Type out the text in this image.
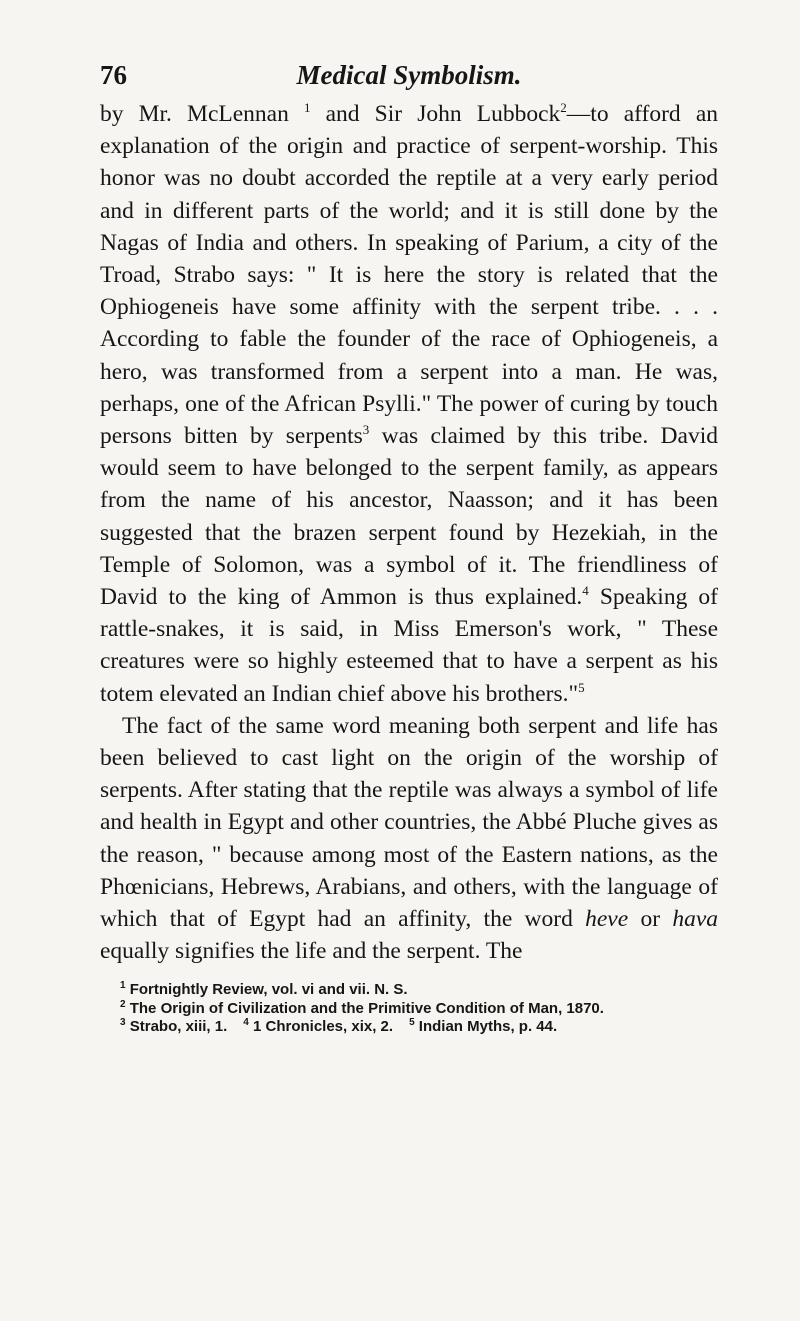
76	Medical Symbolism.

by Mr. McLennan $^1$ and Sir John Lubbock$^2$—to afford an explanation of the origin and practice of serpent-worship. This honor was no doubt accorded the reptile at a very early period and in different parts of the world; and it is still done by the Nagas of India and others. In speaking of Parium, a city of the Troad, Strabo says: " It is here the story is related that the Ophiogeneis have some affinity with the serpent tribe. . . . According to fable the founder of the race of Ophiogeneis, a hero, was transformed from a serpent into a man. He was, perhaps, one of the African Psylli." The power of curing by touch persons bitten by serpents$^3$ was claimed by this tribe. David would seem to have belonged to the serpent family, as appears from the name of his ancestor, Naasson; and it has been suggested that the brazen serpent found by Hezekiah, in the Temple of Solomon, was a symbol of it. The friendliness of David to the king of Ammon is thus explained.$^4$ Speaking of rattle-snakes, it is said, in Miss Emerson's work, " These creatures were so highly esteemed that to have a serpent as his totem elevated an Indian chief above his brothers."$^5$

The fact of the same word meaning both serpent and life has been believed to cast light on the origin of the worship of serpents. After stating that the reptile was always a symbol of life and health in Egypt and other countries, the Abbé Pluche gives as the reason, " because among most of the Eastern nations, as the Phœnicians, Hebrews, Arabians, and others, with the language of which that of Egypt had an affinity, the word heve or hava equally signifies the life and the serpent. The

$^1$ Fortnightly Review, vol. vi and vii. N. S.
$^2$ The Origin of Civilization and the Primitive Condition of Man, 1870.
$^3$ Strabo, xiii, 1. $^4$ 1 Chronicles, xix, 2. $^5$ Indian Myths, p. 44.
